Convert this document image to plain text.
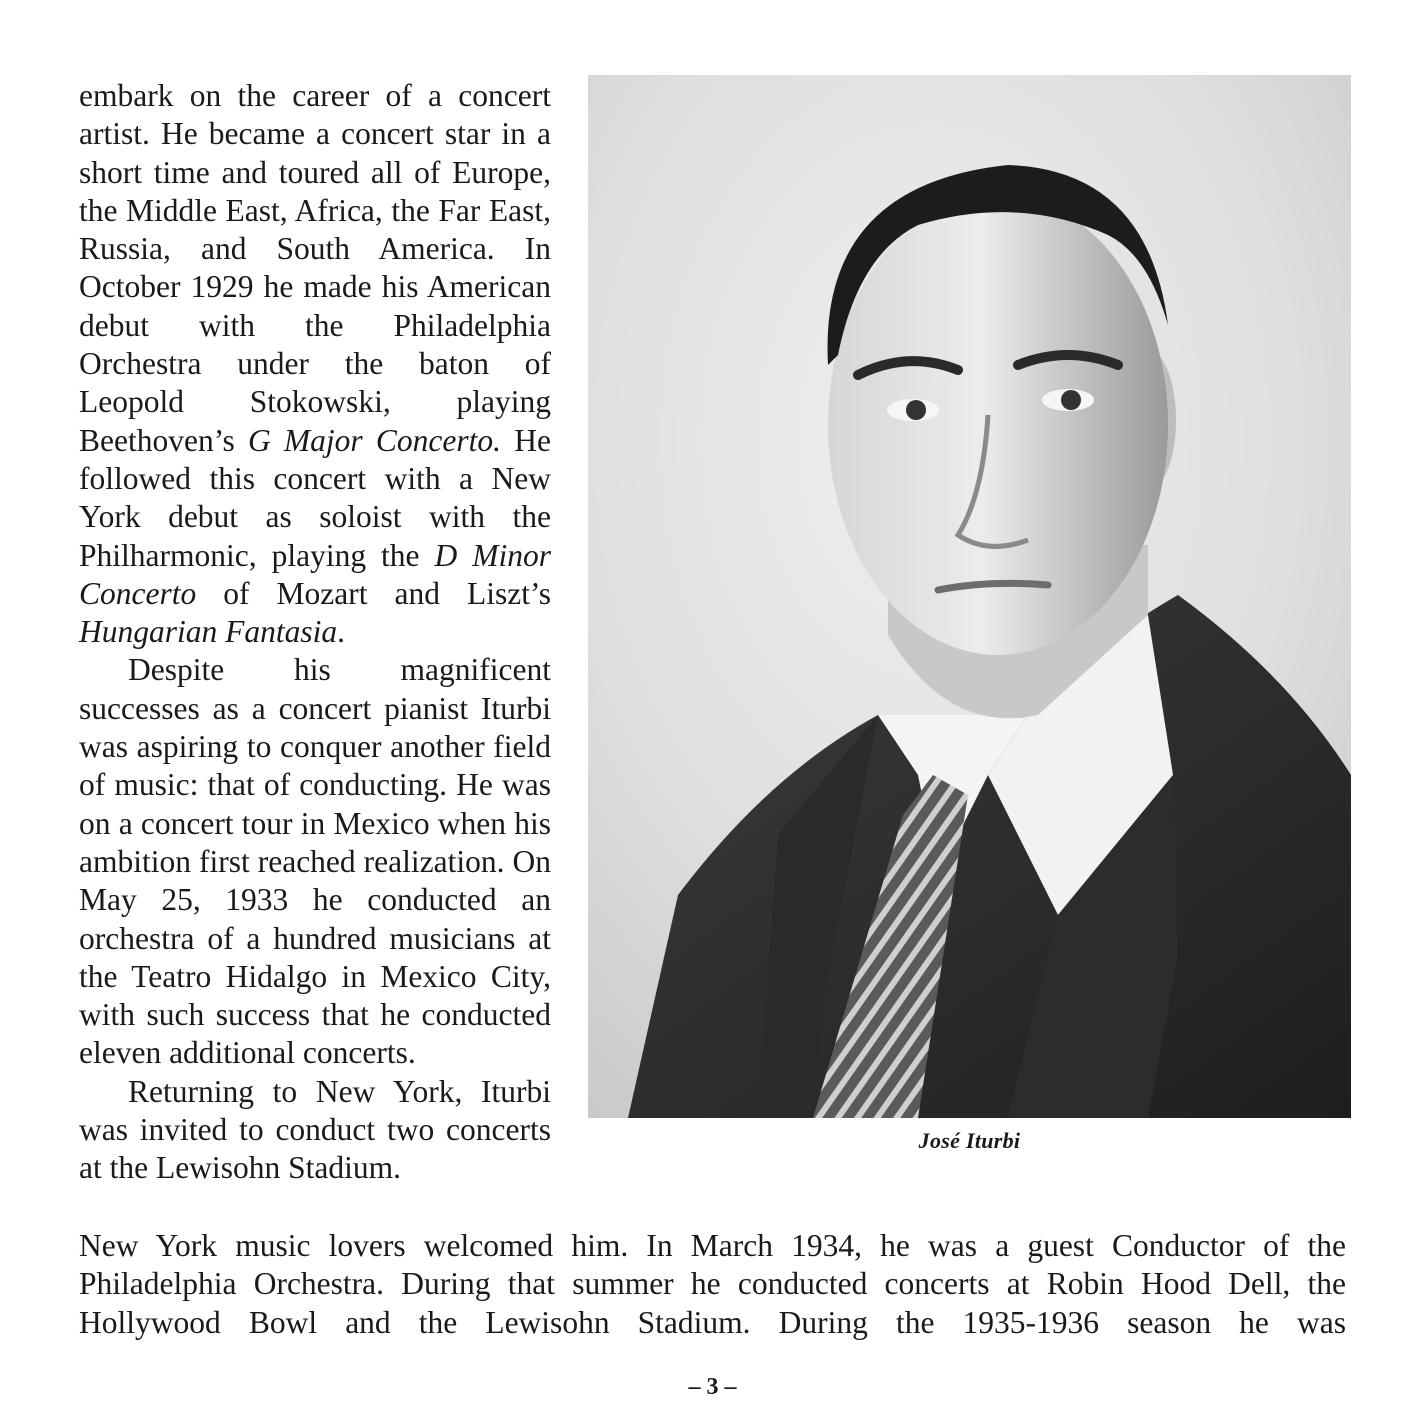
embark on the career of a concert artist. He became a concert star in a short time and toured all of Europe, the Middle East, Africa, the Far East, Russia, and South America. In October 1929 he made his American debut with the Philadelphia Orchestra under the baton of Leopold Stokowski, playing Beethoven’s G Major Concerto. He followed this concert with a New York debut as soloist with the Philharmonic, playing the D Minor Concerto of Mozart and Liszt’s Hungarian Fantasia.

Despite his magnificent successes as a concert pianist Iturbi was aspiring to conquer another field of music: that of conducting. He was on a concert tour in Mexico when his ambition first reached realization. On May 25, 1933 he conducted an orchestra of a hundred musicians at the Teatro Hidalgo in Mexico City, with such success that he conducted eleven additional concerts.

Returning to New York, Iturbi was invited to conduct two concerts at the Lewisohn Stadium.

José Iturbi

New York music lovers welcomed him. In March 1934, he was a guest Conductor of the Philadelphia Orchestra. During that summer he conducted concerts at Robin Hood Dell, the Hollywood Bowl and the Lewisohn Stadium. During the 1935-1936 season he was

– 3 –
